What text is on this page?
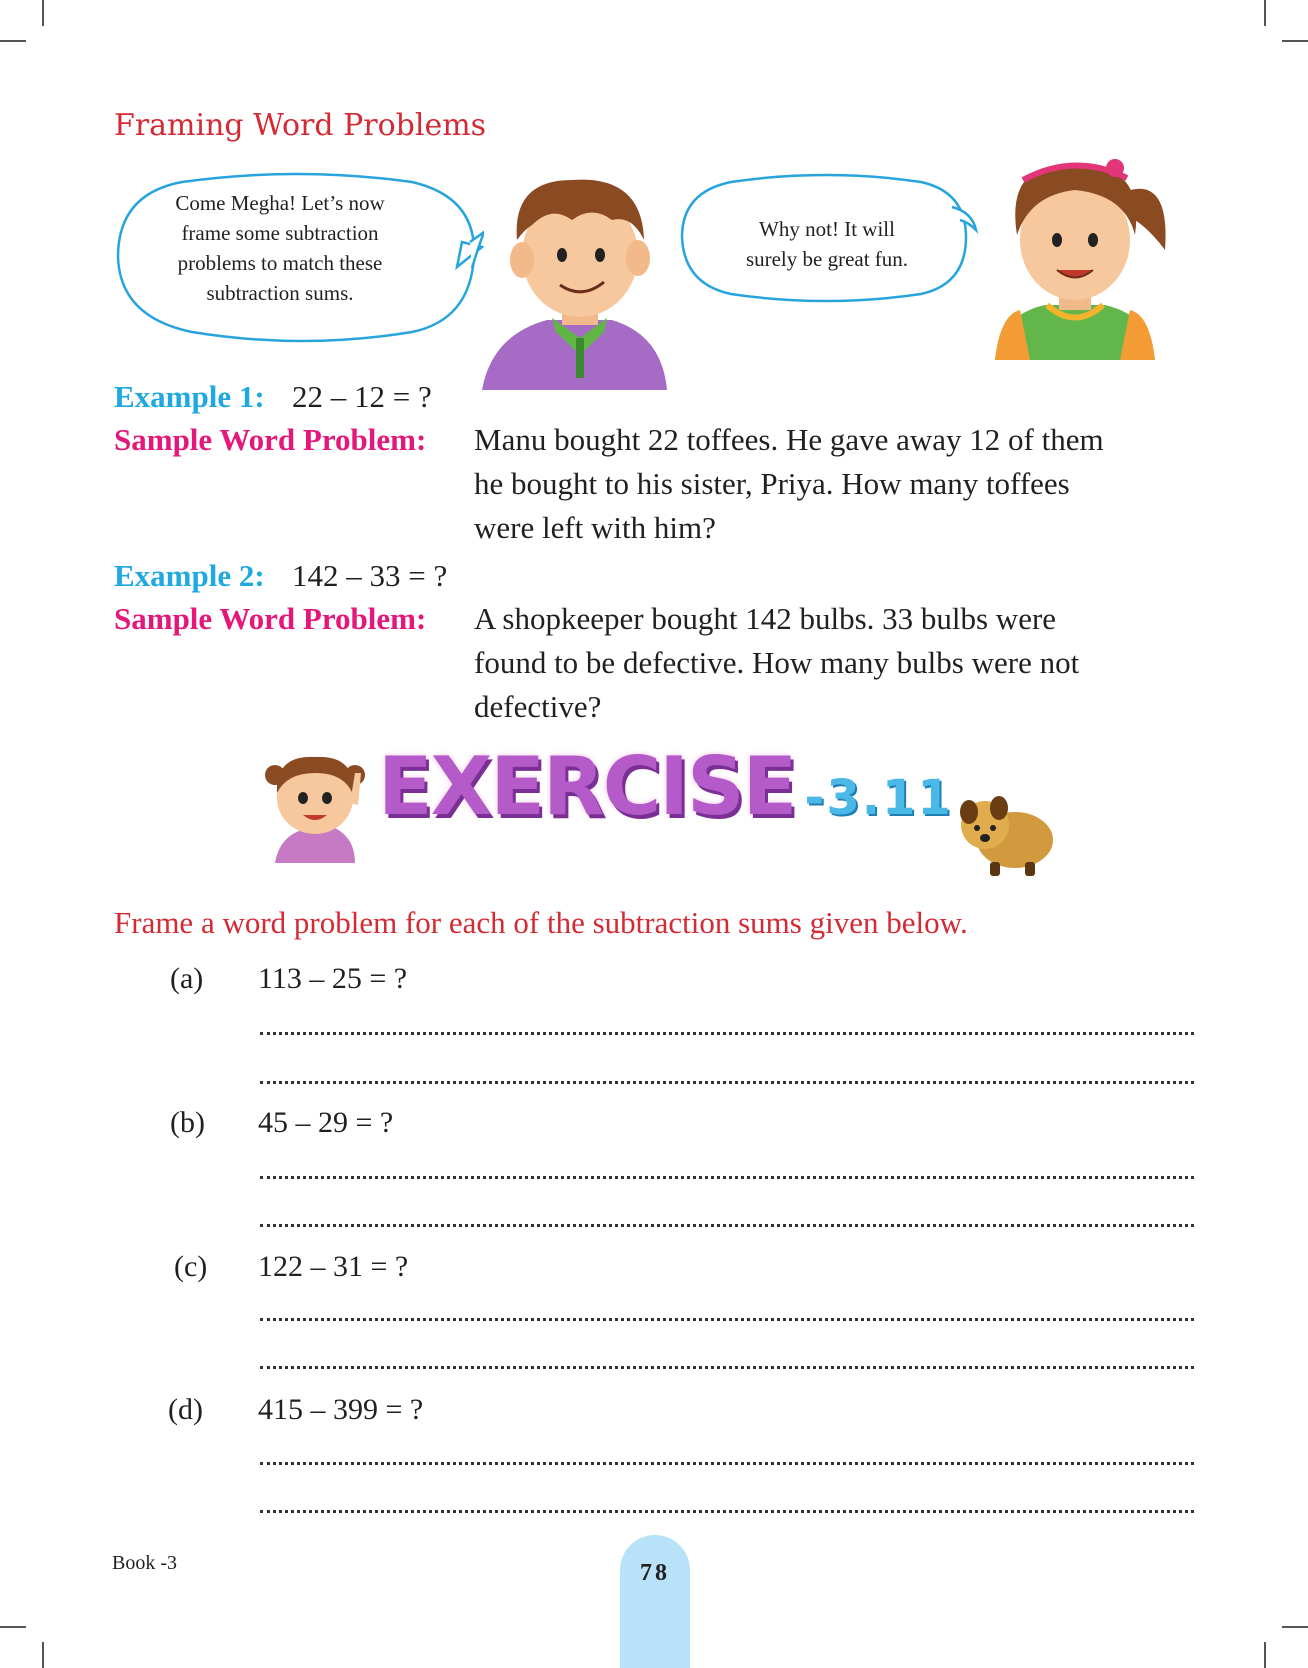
Framing Word Problems
Come Megha! Let’s now
frame some subtraction
problems to match these
subtraction sums.
Why not! It will
surely be great fun.
Example 1: 22 – 12 = ?
Sample Word Problem: Manu bought 22 toffees. He gave away 12 of them
he bought to his sister, Priya. How many toffees
were left with him?
Example 2: 142 – 33 = ?
Sample Word Problem: A shopkeeper bought 142 bulbs. 33 bulbs were
found to be defective. How many bulbs were not
defective?
EXERCISE -3.11
Frame a word problem for each of the subtraction sums given below.
(a) 113 – 25 = ?
(b) 45 – 29 = ?
(c) 122 – 31 = ?
(d) 415 – 399 = ?
Book -3	78
